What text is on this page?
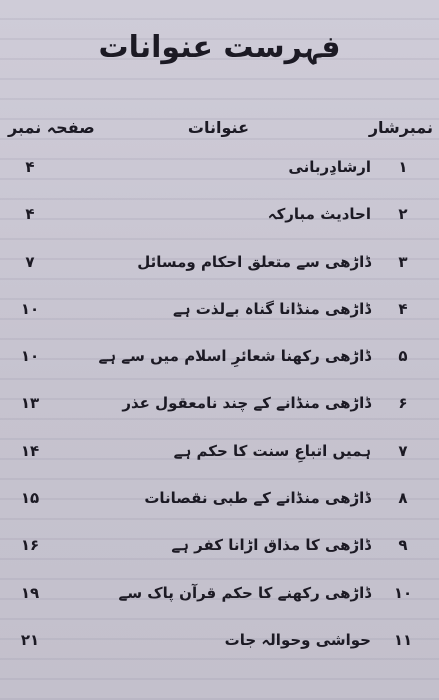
فہرست عنوانات
نمبرشار
عنوانات
صفحہ نمبر
۱
ارشادِربانی
۴
۲
احادیث مبارکہ
۴
۳
ڈاڑھی سے متعلق احکام ومسائل
۷
۴
ڈاڑھی منڈانا گناہ بےلذت ہے
۱۰
۵
ڈاڑھی رکھنا شعائرِ اسلام میں سے ہے
۱۰
۶
ڈاڑھی منڈانے کے چند نامعقول عذر
۱۳
۷
ہمیں اتباعِ سنت کا حکم ہے
۱۴
۸
ڈاڑھی منڈانے کے طبی نقصانات
۱۵
۹
ڈاڑھی کا مذاق اڑانا کفر ہے
۱۶
۱۰
ڈاڑھی رکھنے کا حکم قرآن پاک سے
۱۹
۱۱
حواشی وحوالہ جات
۲۱
